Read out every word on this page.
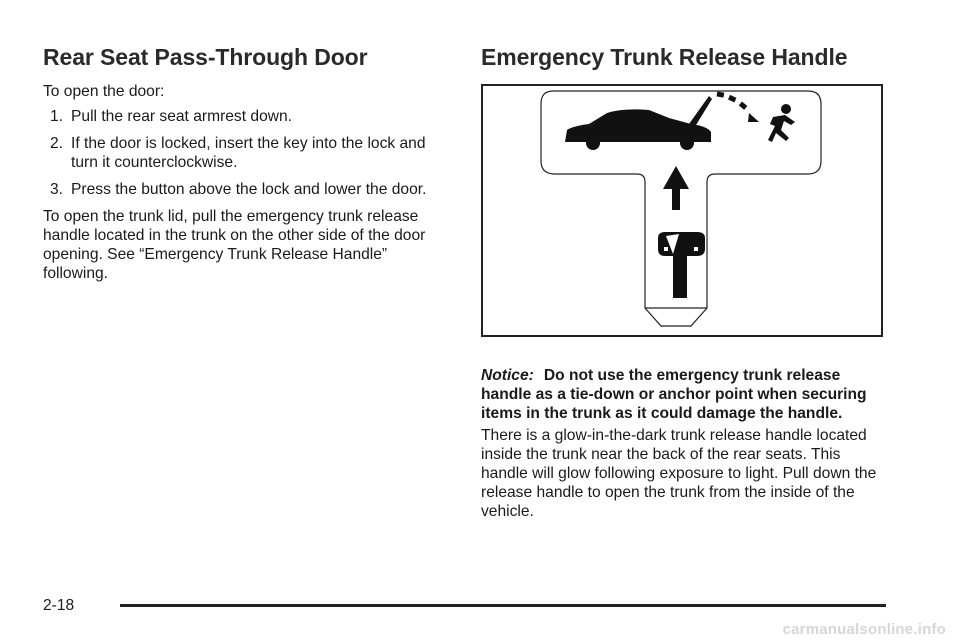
Rear Seat Pass-Through Door

To open the door:

1. Pull the rear seat armrest down.
2. If the door is locked, insert the key into the lock and turn it counterclockwise.
3. Press the button above the lock and lower the door.

To open the trunk lid, pull the emergency trunk release handle located in the trunk on the other side of the door opening. See “Emergency Trunk Release Handle” following.

Emergency Trunk Release Handle

Notice: Do not use the emergency trunk release handle as a tie-down or anchor point when securing items in the trunk as it could damage the handle.

There is a glow-in-the-dark trunk release handle located inside the trunk near the back of the rear seats. This handle will glow following exposure to light. Pull down the release handle to open the trunk from the inside of the vehicle.

2-18
carmanualsonline.info
